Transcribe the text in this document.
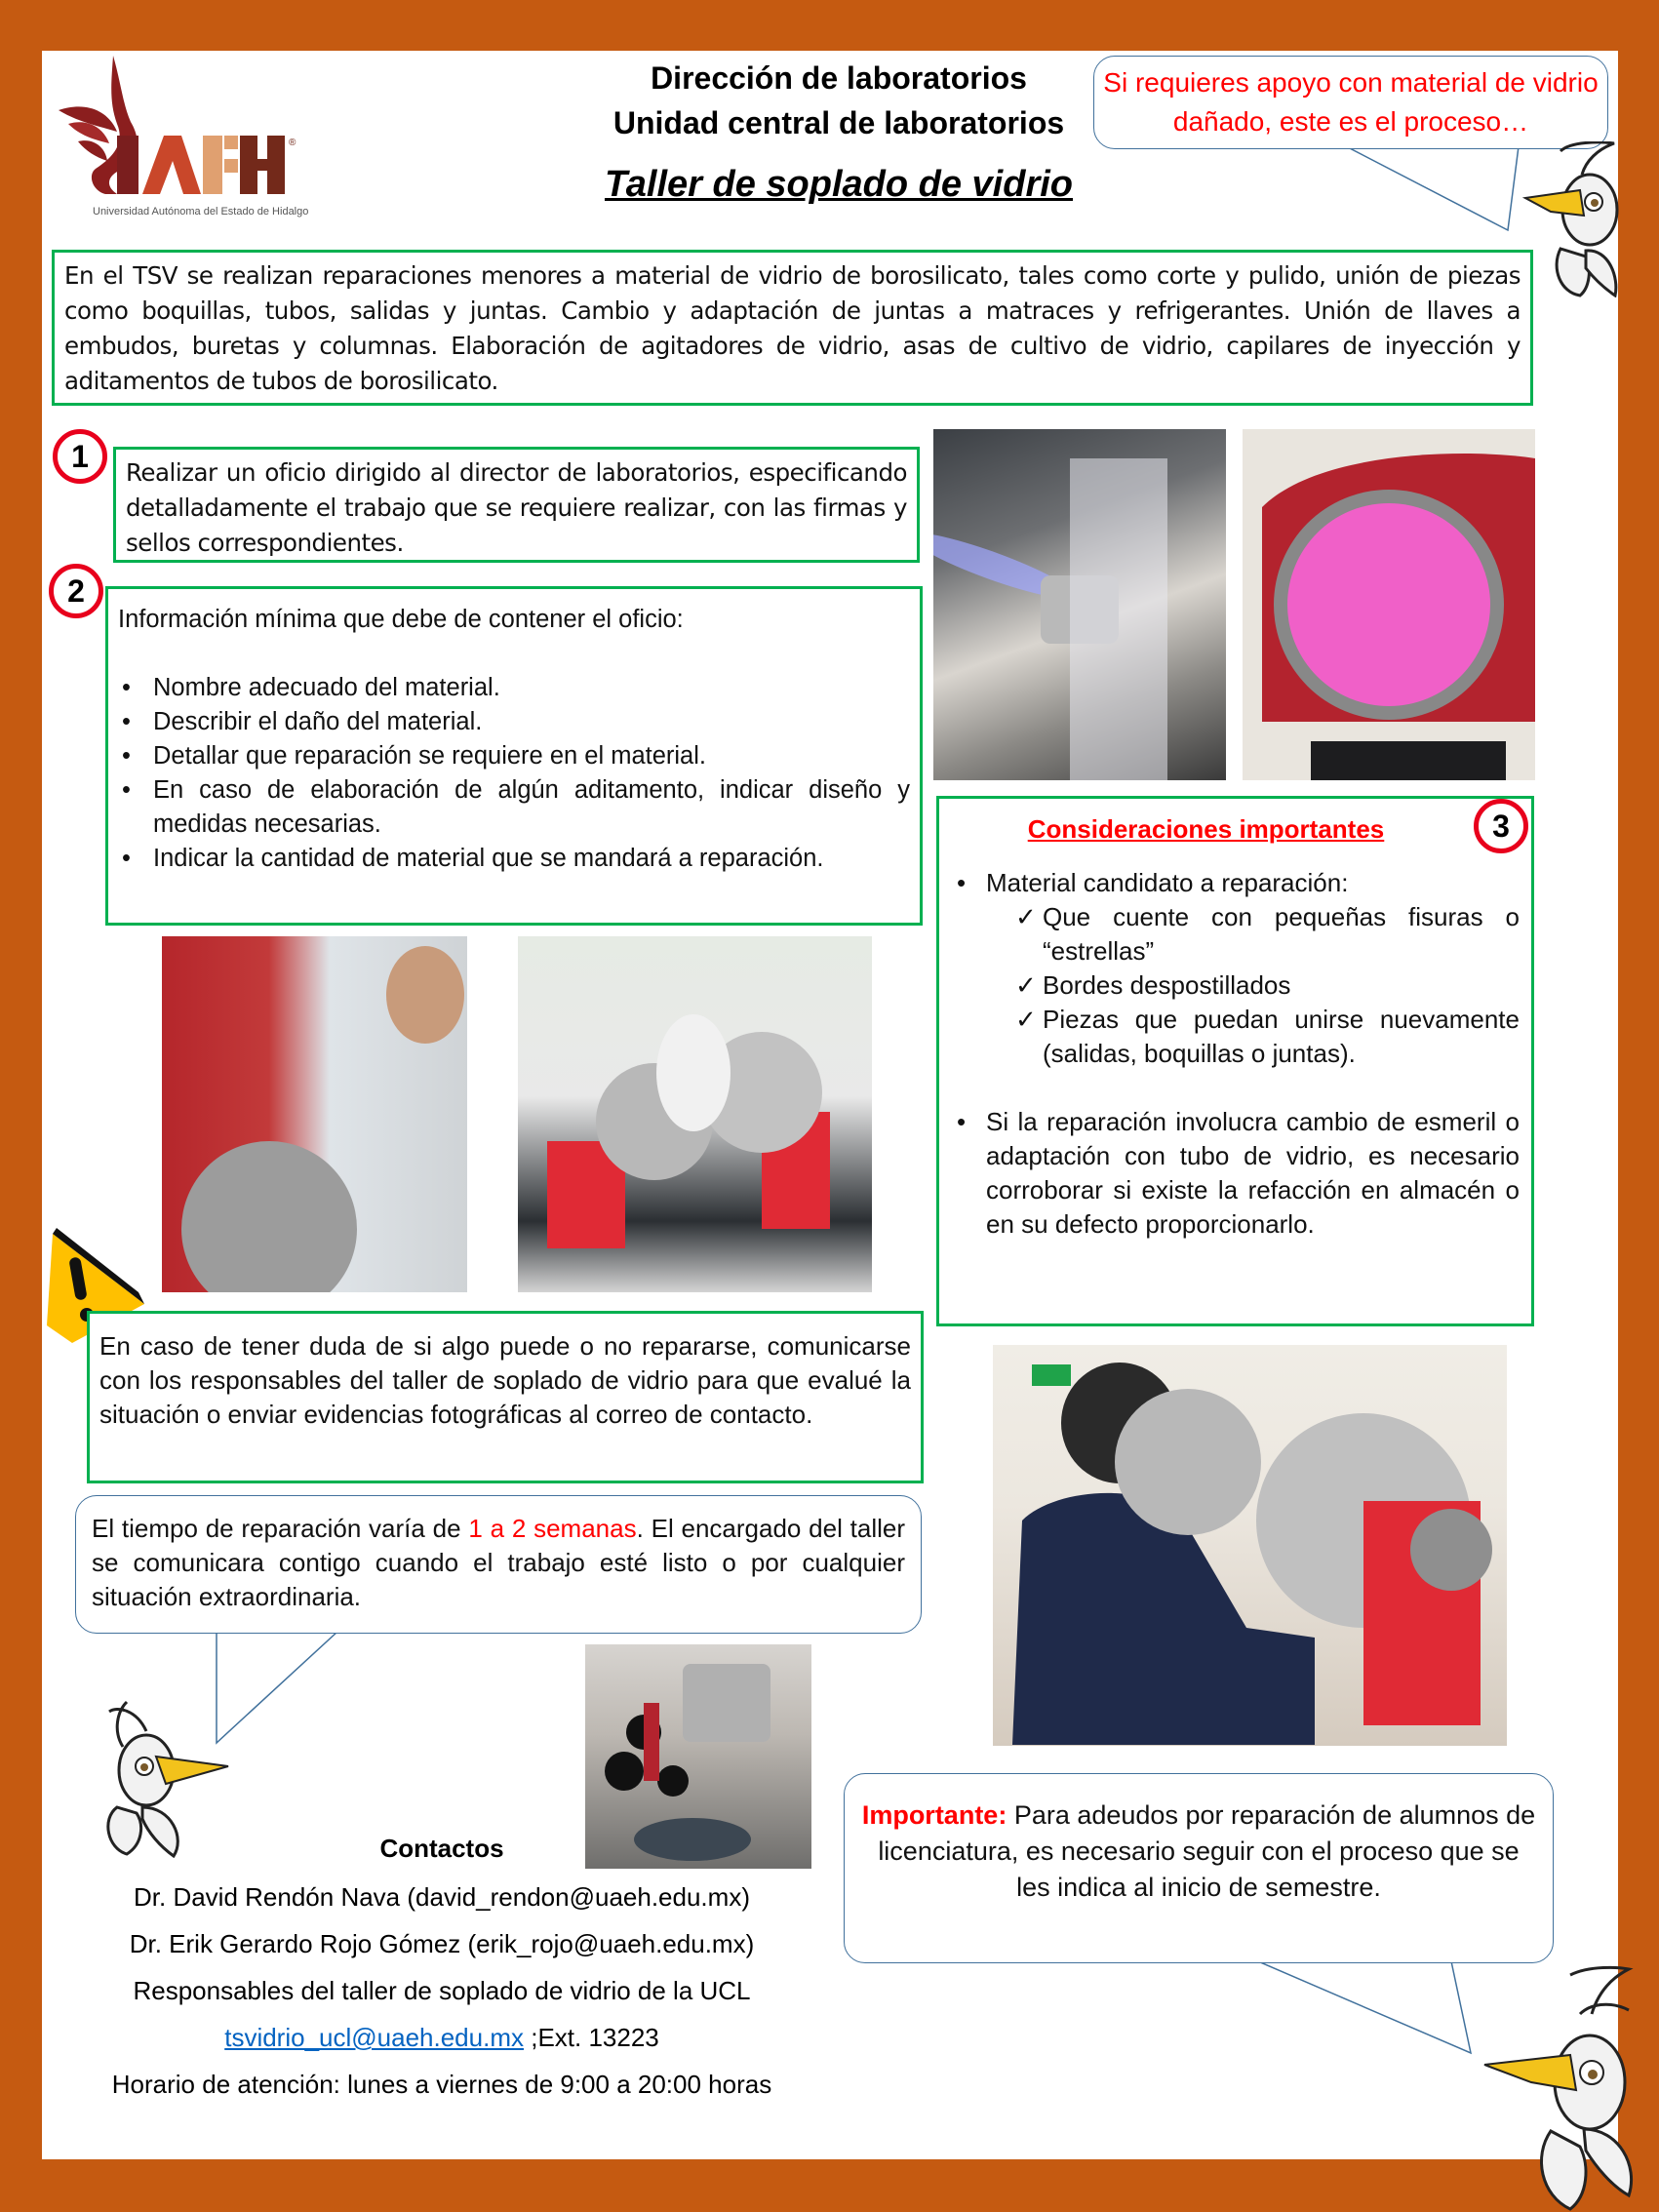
®
Universidad Autónoma del Estado de Hidalgo
Dirección de laboratorios
Unidad central de laboratorios
Taller de soplado de vidrio
Si requieres apoyo con material de vidrio dañado, este es el proceso…
En el TSV se realizan reparaciones menores a material de vidrio de borosilicato, tales como corte y pulido, unión de piezas como boquillas, tubos, salidas y juntas. Cambio y adaptación de juntas a matraces y refrigerantes. Unión de llaves a embudos, buretas y columnas. Elaboración de agitadores de vidrio, asas de cultivo de vidrio, capilares de inyección y aditamentos de tubos de borosilicato.
1	Realizar un oficio dirigido al director de laboratorios, especificando detalladamente el trabajo que se requiere realizar, con las firmas y sellos correspondientes.
2
Información mínima que debe de contener el oficio:
• Nombre adecuado del material.
• Describir el daño del material.
• Detallar que reparación se requiere en el material.
• En caso de elaboración de algún aditamento, indicar diseño y medidas necesarias.
• Indicar la cantidad de material que se mandará a reparación.
Consideraciones importantes
• Material candidato a reparación:
✓ Que cuente con pequeñas fisuras o “estrellas”
✓ Bordes despostillados
✓ Piezas que puedan unirse nuevamente (salidas, boquillas o juntas).
• Si la reparación involucra cambio de esmeril o adaptación con tubo de vidrio, es necesario corroborar si existe la refacción en almacén o en su defecto proporcionarlo.
3
En caso de tener duda de si algo puede o no repararse, comunicarse con los responsables del taller de soplado de vidrio para que evalué la situación o enviar evidencias fotográficas al correo de contacto.
El tiempo de reparación varía de 1 a 2 semanas. El encargado del taller se comunicara contigo cuando el trabajo esté listo o por cualquier situación extraordinaria.
Contactos

Dr. David Rendón Nava (david_rendon@uaeh.edu.mx)

Dr. Erik Gerardo Rojo Gómez (erik_rojo@uaeh.edu.mx)

Responsables del taller de soplado de vidrio de la UCL

tsvidrio_ucl@uaeh.edu.mx ;Ext. 13223

Horario de atención: lunes a viernes de 9:00 a 20:00 horas

Importante: Para adeudos por reparación de alumnos de licenciatura, es necesario seguir con el proceso que se les indica al inicio de semestre.
